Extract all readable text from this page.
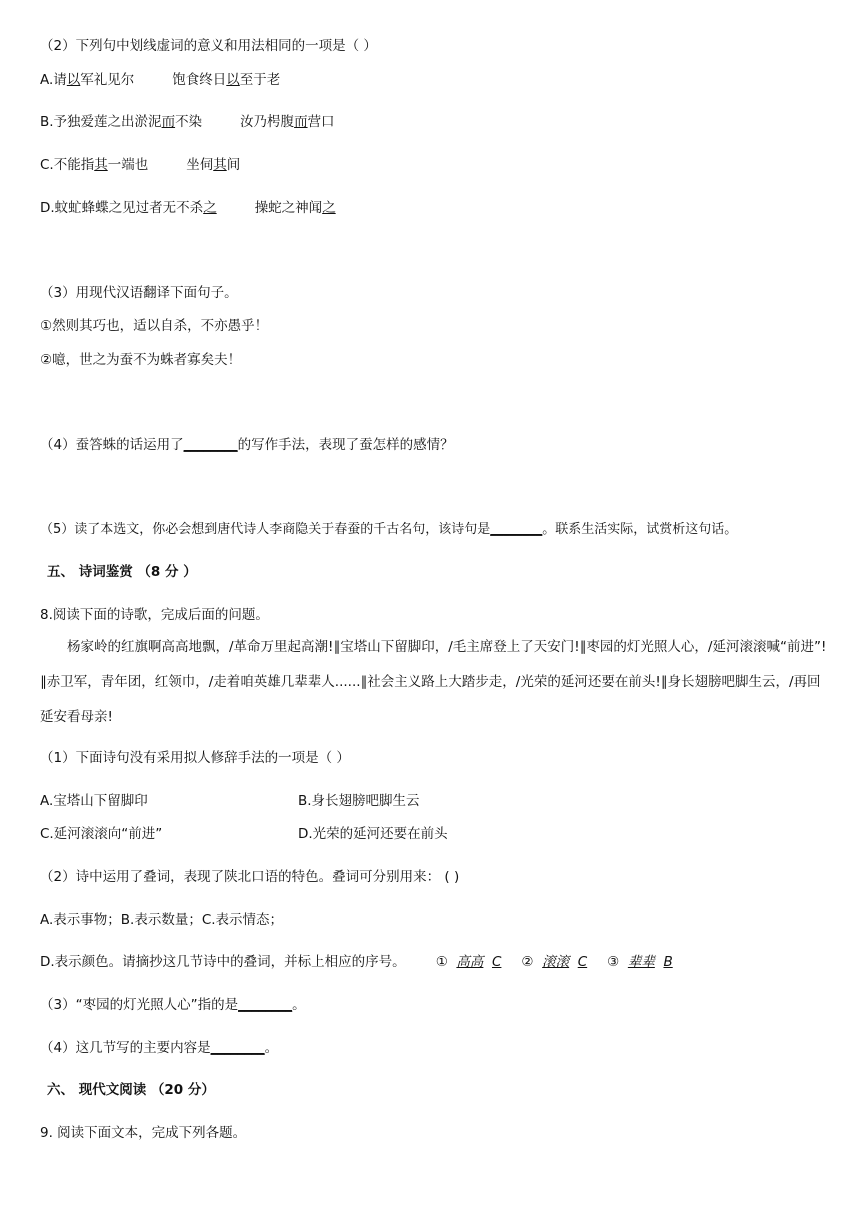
（2）下列句中划线虚词的意义和用法相同的一项是（ ）
A.请以军礼见尔	饱食终日以至于老
B.予独爱莲之出淤泥而不染	汝乃枵腹而营口
C.不能指其一端也	坐伺其间
D.蚊虻蜂蝶之见过者无不杀之	操蛇之神闻之
（3）用现代汉语翻译下面句子。
①然则其巧也，适以自杀，不亦愚乎！
②噫，世之为蚕不为蛛者寡矣夫！
（4）蚕答蛛的话运用了________的写作手法，表现了蚕怎样的感情？
（5）读了本选文，你必会想到唐代诗人李商隐关于春蚕的千古名句，该诗句是________。联系生活实际，试赏析这句话。
五、 诗词鉴赏 （8 分 ）
8.阅读下面的诗歌，完成后面的问题。
杨家岭的红旗啊高高地飘，/革命万里起高潮!∥宝塔山下留脚印，/毛主席登上了天安门!∥枣园的灯光照人心，/延河滚滚喊“前进”!∥赤卫军，青年团，红领巾，/走着咱英雄几辈辈人......∥社会主义路上大踏步走，/光荣的延河还要在前头!∥身长翅膀吧脚生云，/再回延安看母亲!
（1）下面诗句没有采用拟人修辞手法的一项是（ ）
A.宝塔山下留脚印	B.身长翅膀吧脚生云
C.延河滚滚向“前进”	D.光荣的延河还要在前头
（2）诗中运用了叠词，表现了陕北口语的特色。叠词可分别用来： ( )
A.表示事物；B.表示数量；C.表示情态；
D.表示颜色。请摘抄这几节诗中的叠词，并标上相应的序号。 ① 高高 C ② 滚滚 C ③ 辈辈 B
（3）“枣园的灯光照人心”指的是________。
（4）这几节写的主要内容是________。
六、 现代文阅读 （20 分）
9. 阅读下面文本，完成下列各题。
